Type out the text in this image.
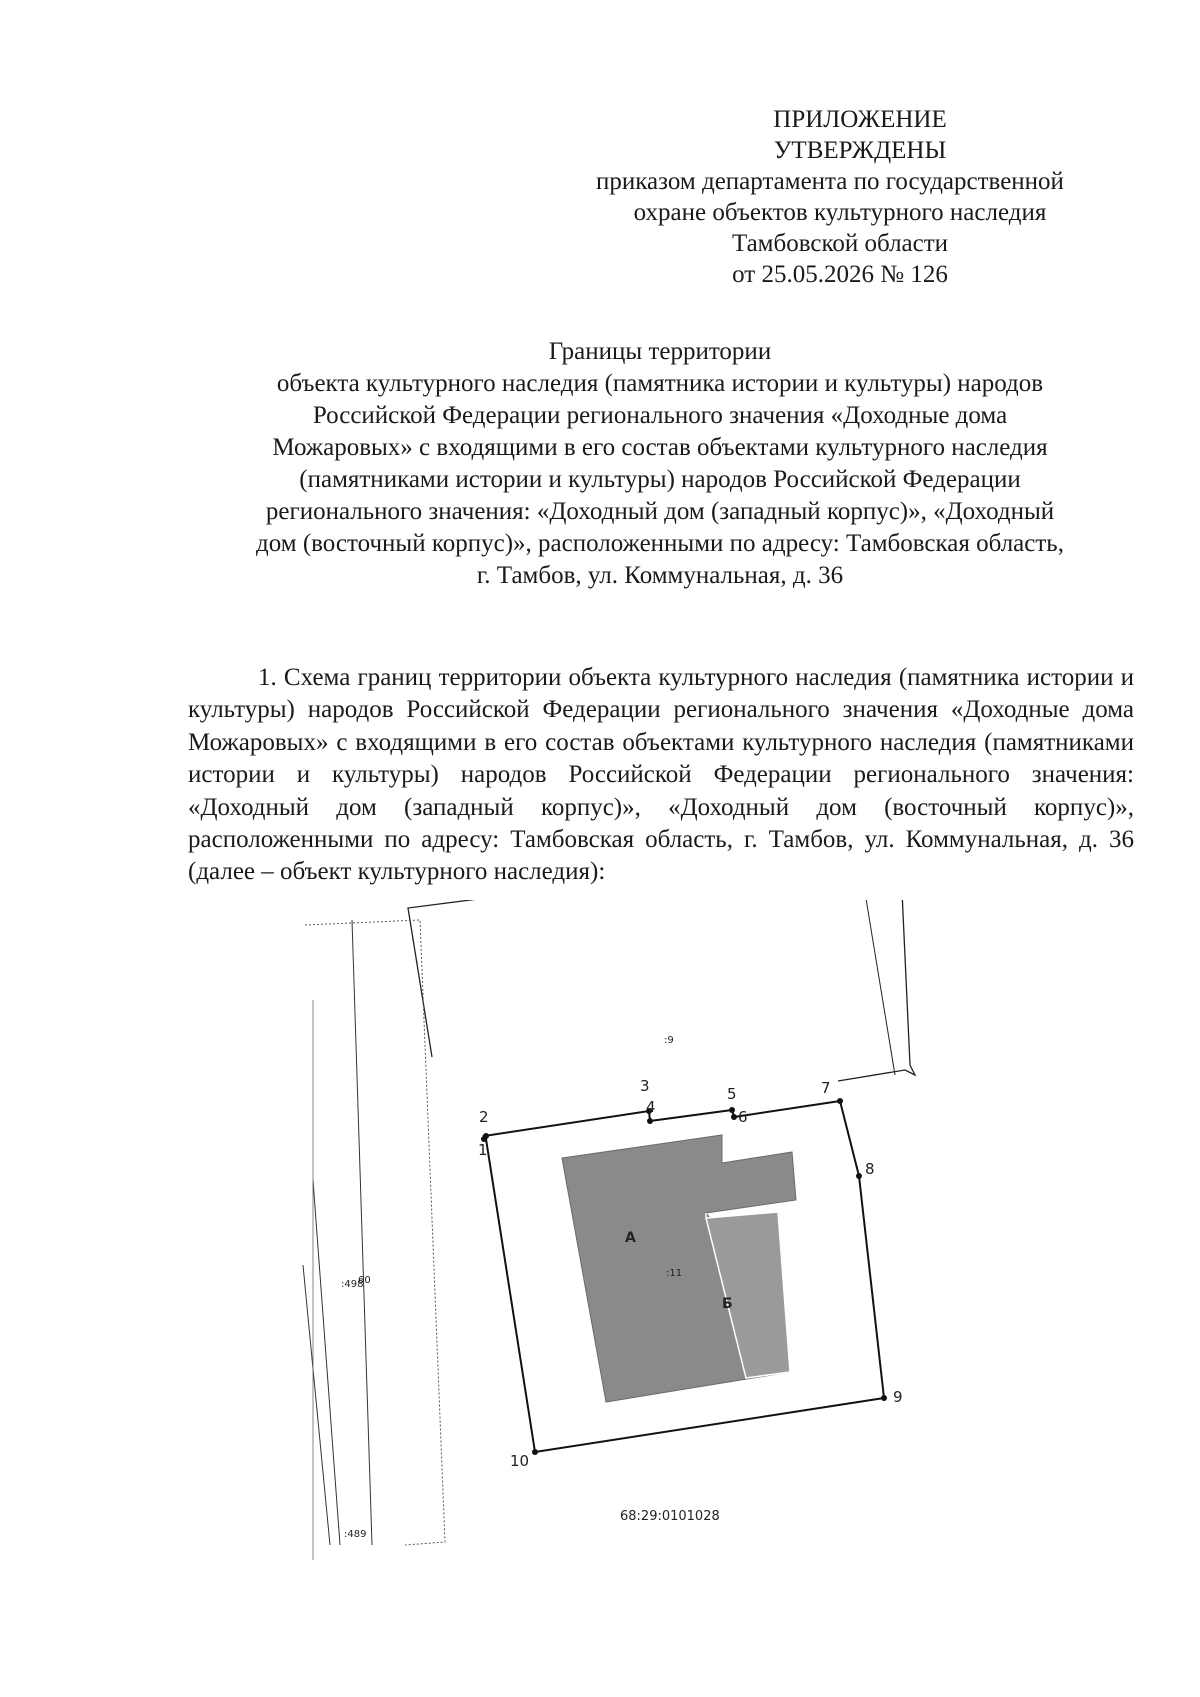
ПРИЛОЖЕНИЕ
УТВЕРЖДЕНЫ
приказом департамента по государственной
охране объектов культурного наследия
Тамбовской области
от 25.05.2026 № 126

Границы территории

объекта культурного наследия (памятника истории и культуры) народов

Российской Федерации регионального значения «Доходные дома

Можаровых» с входящими в его состав объектами культурного наследия

(памятниками истории и культуры) народов Российской Федерации

регионального значения: «Доходный дом (западный корпус)», «Доходный

дом (восточный корпус)», расположенными по адресу: Тамбовская область,

г. Тамбов, ул. Коммунальная, д. 36

1. Схема границ территории объекта культурного наследия (памятника истории и культуры) народов Российской Федерации регионального значения «Доходные дома Можаровых» с входящими в его состав объектами культурного наследия (памятниками истории и культуры) народов Российской Федерации регионального значения: «Доходный дом (западный корпус)», «Доходный дом (восточный корпус)», расположенными по адресу: Тамбовская область, г. Тамбов, ул. Коммунальная, д. 36 (далее – объект культурного наследия):

1
2
3
4
5
6
7
8
9
10
:9
:11
:498
60
:489
А
Б
68:29:0101028
